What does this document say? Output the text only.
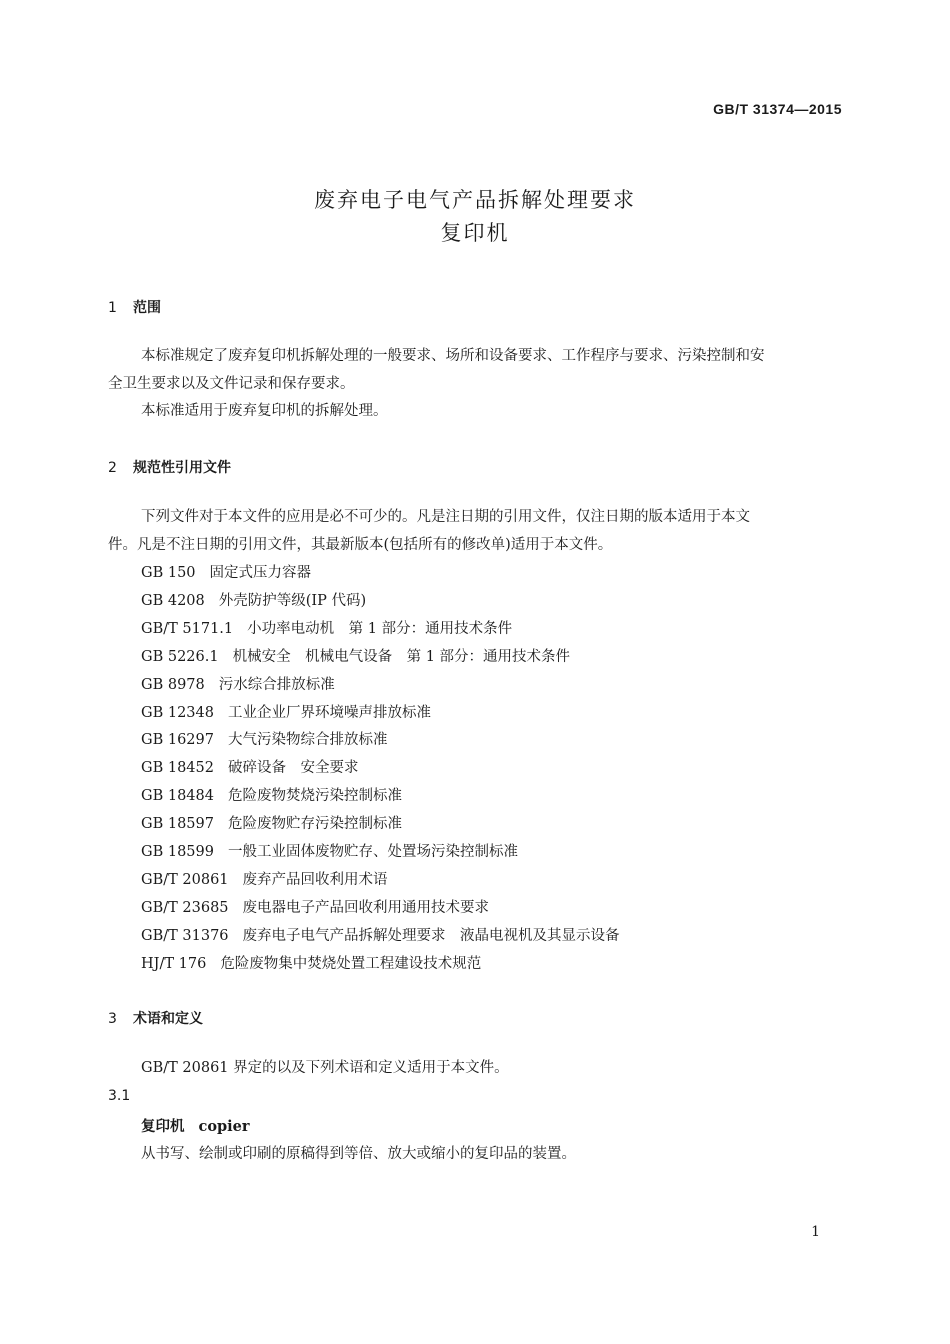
GB/T 31374—2015
废弃电子电气产品拆解处理要求
复印机
1 范围
本标准规定了废弃复印机拆解处理的一般要求、场所和设备要求、工作程序与要求、污染控制和安
全卫生要求以及文件记录和保存要求。
本标准适用于废弃复印机的拆解处理。
2 规范性引用文件
下列文件对于本文件的应用是必不可少的。凡是注日期的引用文件，仅注日期的版本适用于本文
件。凡是不注日期的引用文件，其最新版本(包括所有的修改单)适用于本文件。
GB 150 固定式压力容器
GB 4208 外壳防护等级(IP 代码)
GB/T 5171.1 小功率电动机　第 1 部分：通用技术条件
GB 5226.1 机械安全　机械电气设备　第 1 部分：通用技术条件
GB 8978 污水综合排放标准
GB 12348 工业企业厂界环境噪声排放标准
GB 16297 大气污染物综合排放标准
GB 18452 破碎设备　安全要求
GB 18484 危险废物焚烧污染控制标准
GB 18597 危险废物贮存污染控制标准
GB 18599 一般工业固体废物贮存、处置场污染控制标准
GB/T 20861 废弃产品回收利用术语
GB/T 23685 废电器电子产品回收利用通用技术要求
GB/T 31376 废弃电子电气产品拆解处理要求　液晶电视机及其显示设备
HJ/T 176 危险废物集中焚烧处置工程建设技术规范
3 术语和定义
GB/T 20861 界定的以及下列术语和定义适用于本文件。
3.1
复印机 copier
从书写、绘制或印刷的原稿得到等倍、放大或缩小的复印品的装置。
1
